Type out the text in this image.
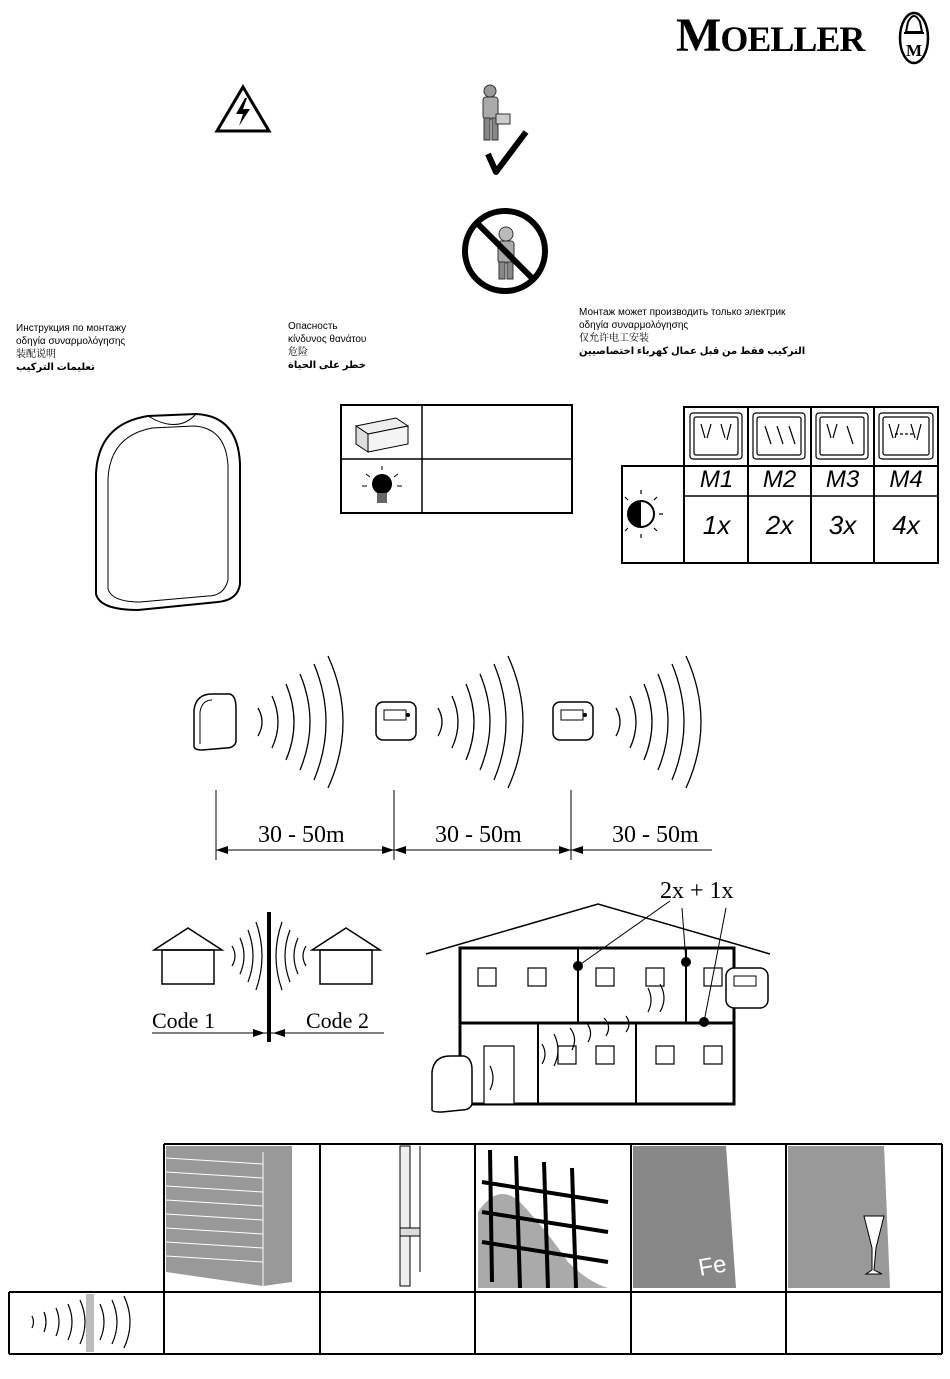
MOELLER M
Инструкция по монтажу
οδηγία συναρμολόγησης
装配说明
تعليمات التركيب
Опасность
κίνδυνος θανάτου
危险
خطر على الحياة
Монтаж может производить только электрик
οδηγία συναρμολόγησης
仅允许电工安装
التركيب فقط من قبل عمال كهرباء اختصاصيين
M1	M2	M3	M4
1x	2x	3x	4x
30 - 50m	30 - 50m	30 - 50m
Code 1	Code 2
2x + 1x
Fe
